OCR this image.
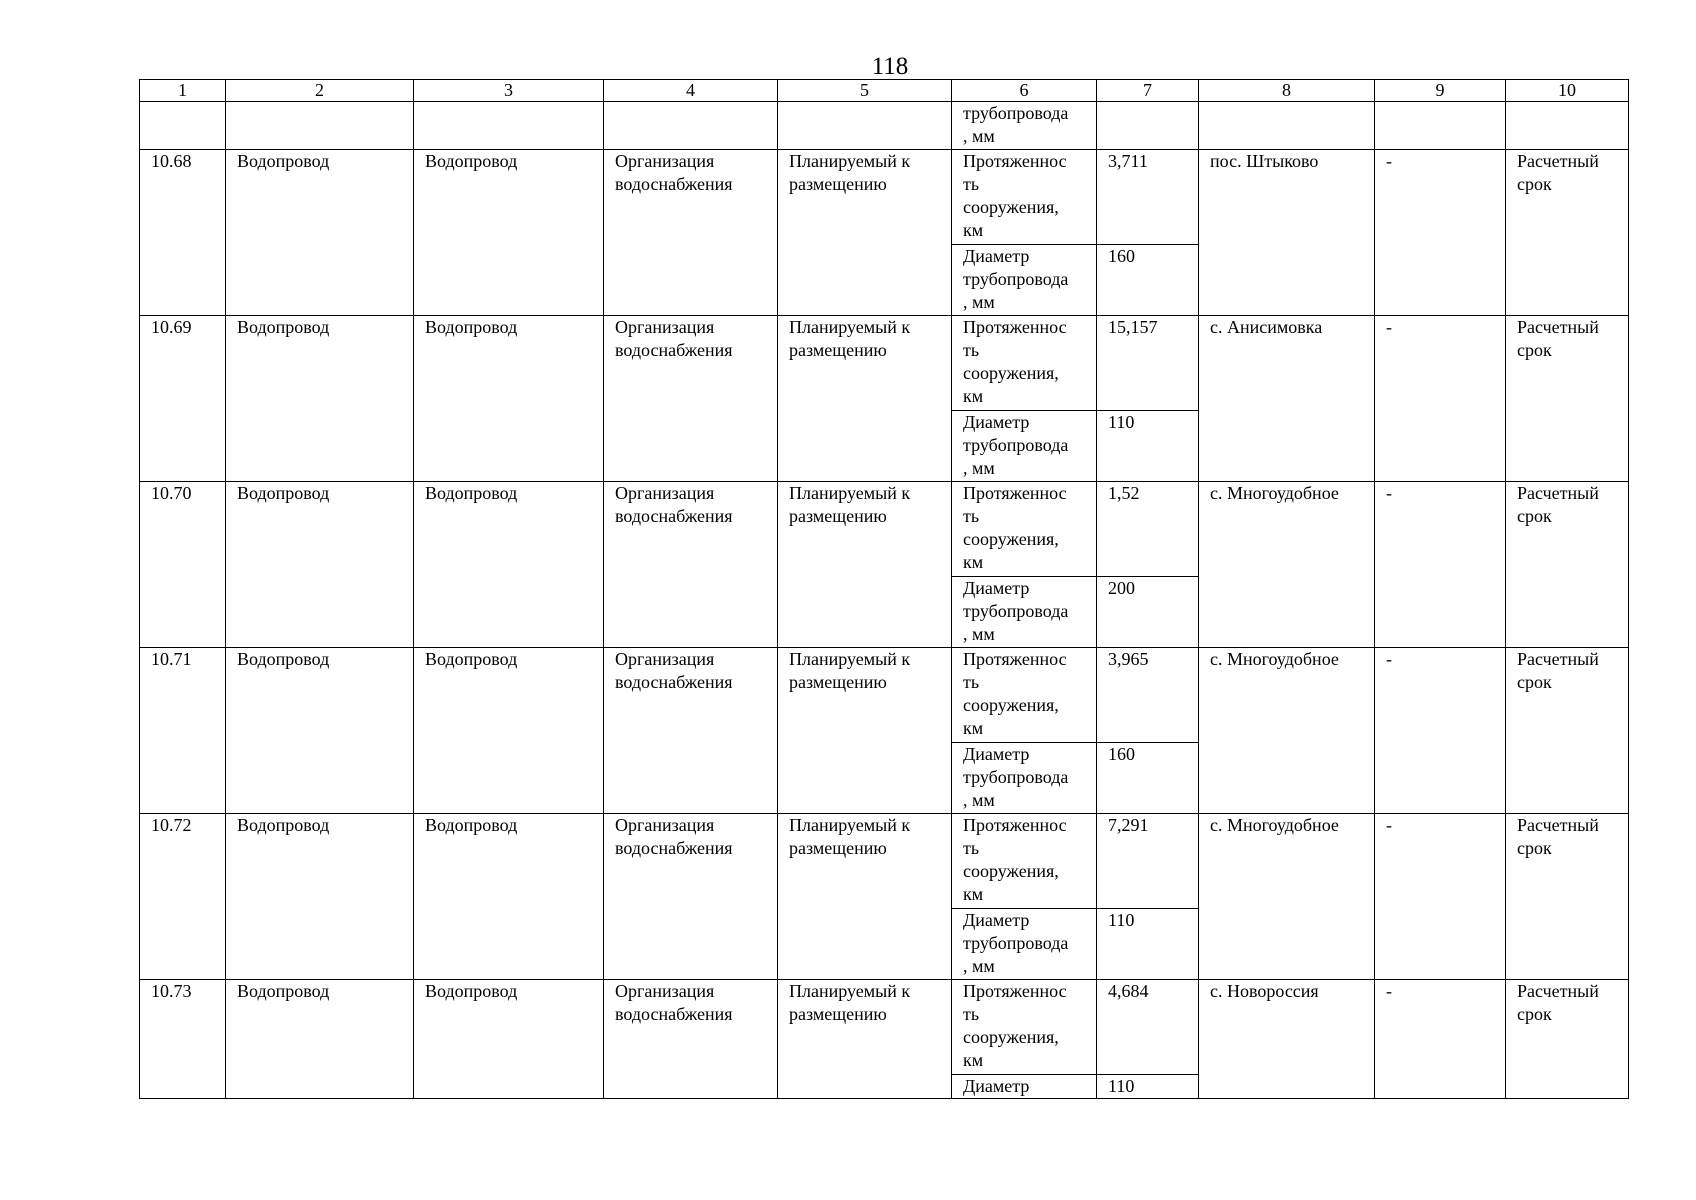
118
1	2	3	4	5	6	7	8	9	10
					трубопровода
, мм				
10.68	Водопровод	Водопровод	Организация водоснабжения	Планируемый к размещению	Протяженнос
ть
сооружения,
км	3,711	пос. Штыково	-	Расчетный
срок
					Диаметр
трубопровода
, мм	160			
10.69	Водопровод	Водопровод	Организация водоснабжения	Планируемый к размещению	Протяженнос
ть
сооружения,
км	15,157	с. Анисимовка	-	Расчетный
срок
					Диаметр
трубопровода
, мм	110			
10.70	Водопровод	Водопровод	Организация водоснабжения	Планируемый к размещению	Протяженнос
ть
сооружения,
км	1,52	с. Многоудобное	-	Расчетный
срок
					Диаметр
трубопровода
, мм	200			
10.71	Водопровод	Водопровод	Организация водоснабжения	Планируемый к размещению	Протяженнос
ть
сооружения,
км	3,965	с. Многоудобное	-	Расчетный
срок
					Диаметр
трубопровода
, мм	160			
10.72	Водопровод	Водопровод	Организация водоснабжения	Планируемый к размещению	Протяженнос
ть
сооружения,
км	7,291	с. Многоудобное	-	Расчетный
срок
					Диаметр
трубопровода
, мм	110			
10.73	Водопровод	Водопровод	Организация водоснабжения	Планируемый к размещению	Протяженнос
ть
сооружения,
км	4,684	с. Новороссия	-	Расчетный
срок
					Диаметр	110			
